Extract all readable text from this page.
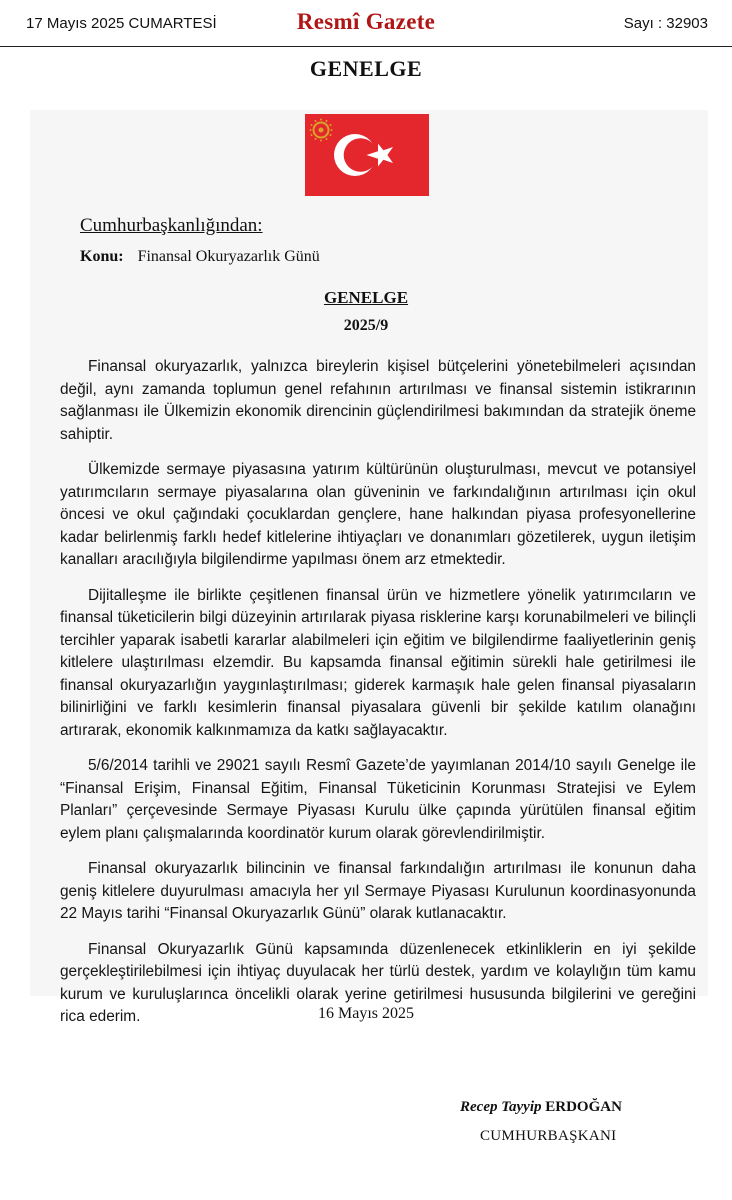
17 Mayıs 2025 CUMARTESİ	Resmî Gazete	Sayı : 32903
GENELGE
Cumhurbaşkanlığından:
Konu: Finansal Okuryazarlık Günü
GENELGE
2025/9

Finansal okuryazarlık, yalnızca bireylerin kişisel bütçelerini yönetebilmeleri açısından değil, aynı zamanda toplumun genel refahının artırılması ve finansal sistemin istikrarının sağlanması ile Ülkemizin ekonomik direncinin güçlendirilmesi bakımından da stratejik öneme sahiptir.

Ülkemizde sermaye piyasasına yatırım kültürünün oluşturulması, mevcut ve potansiyel yatırımcıların sermaye piyasalarına olan güveninin ve farkındalığının artırılması için okul öncesi ve okul çağındaki çocuklardan gençlere, hane halkından piyasa profesyonellerine kadar belirlenmiş farklı hedef kitlelerine ihtiyaçları ve donanımları gözetilerek, uygun iletişim kanalları aracılığıyla bilgilendirme yapılması önem arz etmektedir.

Dijitalleşme ile birlikte çeşitlenen finansal ürün ve hizmetlere yönelik yatırımcıların ve finansal tüketicilerin bilgi düzeyinin artırılarak piyasa risklerine karşı korunabilmeleri ve bilinçli tercihler yaparak isabetli kararlar alabilmeleri için eğitim ve bilgilendirme faaliyetlerinin geniş kitlelere ulaştırılması elzemdir. Bu kapsamda finansal eğitimin sürekli hale getirilmesi ile finansal okuryazarlığın yaygınlaştırılması; giderek karmaşık hale gelen finansal piyasaların bilinirliğini ve farklı kesimlerin finansal piyasalara güvenli bir şekilde katılım olanağını artırarak, ekonomik kalkınmamıza da katkı sağlayacaktır.

5/6/2014 tarihli ve 29021 sayılı Resmî Gazete’de yayımlanan 2014/10 sayılı Genelge ile “Finansal Erişim, Finansal Eğitim, Finansal Tüketicinin Korunması Stratejisi ve Eylem Planları” çerçevesinde Sermaye Piyasası Kurulu ülke çapında yürütülen finansal eğitim eylem planı çalışmalarında koordinatör kurum olarak görevlendirilmiştir.

Finansal okuryazarlık bilincinin ve finansal farkındalığın artırılması ile konunun daha geniş kitlelere duyurulması amacıyla her yıl Sermaye Piyasası Kurulunun koordinasyonunda 22 Mayıs tarihi “Finansal Okuryazarlık Günü” olarak kutlanacaktır.

Finansal Okuryazarlık Günü kapsamında düzenlenecek etkinliklerin en iyi şekilde gerçekleştirilebilmesi için ihtiyaç duyulacak her türlü destek, yardım ve kolaylığın tüm kamu kurum ve kuruluşlarınca öncelikli olarak yerine getirilmesi hususunda bilgilerini ve gereğini rica ederim.	16 Mayıs 2025
Recep Tayyip ERDOĞAN
CUMHURBAŞKANI
